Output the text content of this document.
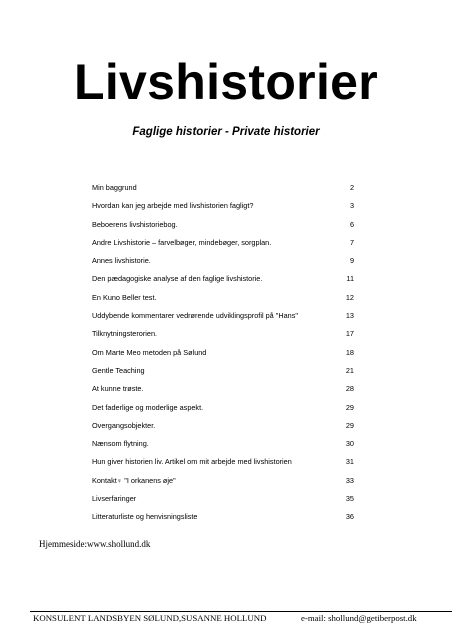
Livshistorier
Faglige historier - Private historier
Min baggrund	2
Hvordan kan jeg arbejde med livshistorien fagligt?	3
Beboerens livshistoriebog.	6
Andre Livshistorie – farvelbøger, mindebøger, sorgplan.	7
Annes livshistorie.	9
Den pædagogiske analyse af den faglige livshistorie.	11
En Kuno Beller test.	12
Uddybende kommentarer vedrørende udviklingsprofil på "Hans"	13
Tilknytningsterorien.	17
Om Marte Meo metoden på Sølund	18
Gentle Teaching	21
At kunne trøste.	28
Det faderlige og moderlige aspekt.	29
Overgangsobjekter.	29
Nænsom flytning.	30
Hun giver historien liv. Artikel om mit arbejde med livshistorien	31
Kontakt♀ "I orkanens øje"	33
Livserfaringer	35
Litteraturliste og henvisningsliste	36
Hjemmeside:www.shollund.dk
KONSULENT LANDSBYEN SØLUND,SUSANNE HOLLUND	e-mail: shollund@getiberpost.dk
